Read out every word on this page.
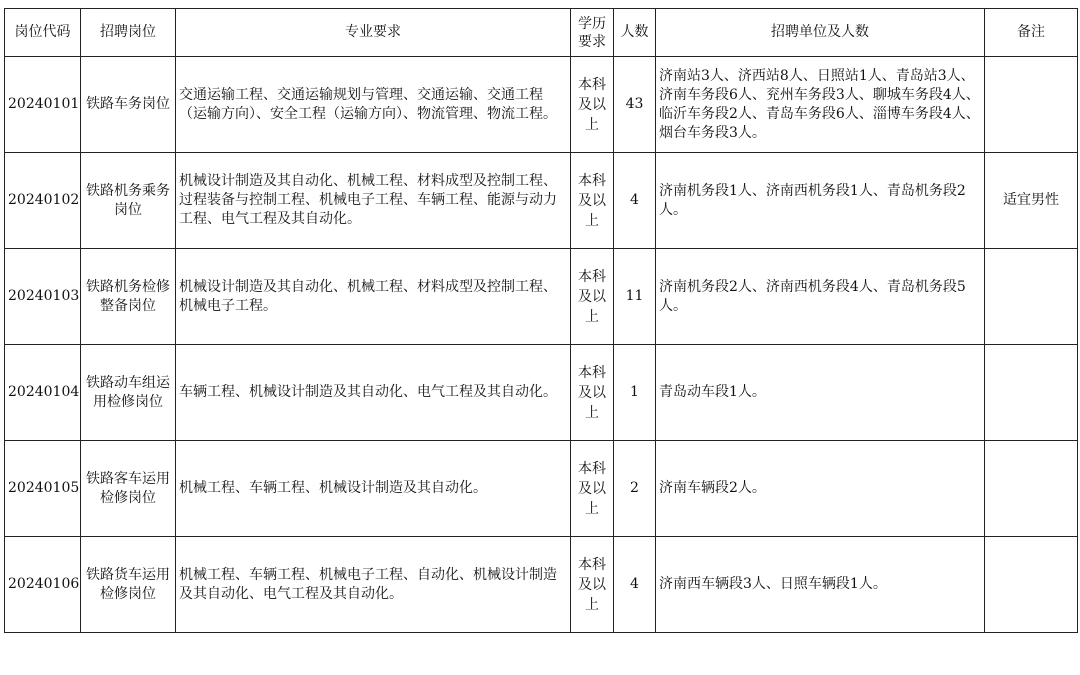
岗位代码	招聘岗位	专业要求	学历要求	人数	招聘单位及人数	备注
20240101	铁路车务岗位	交通运输工程、交通运输规划与管理、交通运输、交通工程（运输方向）、安全工程（运输方向）、物流管理、物流工程。	本科及以上	43	济南站3人、济西站8人、日照站1人、青岛站3人、济南车务段6人、兖州车务段3人、聊城车务段4人、临沂车务段2人、青岛车务段6人、淄博车务段4人、烟台车务段3人。	
20240102	铁路机务乘务岗位	机械设计制造及其自动化、机械工程、材料成型及控制工程、过程装备与控制工程、机械电子工程、车辆工程、能源与动力工程、电气工程及其自动化。	本科及以上	4	济南机务段1人、济南西机务段1人、青岛机务段2人。	适宜男性
20240103	铁路机务检修整备岗位	机械设计制造及其自动化、机械工程、材料成型及控制工程、机械电子工程。	本科及以上	11	济南机务段2人、济南西机务段4人、青岛机务段5人。	
20240104	铁路动车组运用检修岗位	车辆工程、机械设计制造及其自动化、电气工程及其自动化。	本科及以上	1	青岛动车段1人。	
20240105	铁路客车运用检修岗位	机械工程、车辆工程、机械设计制造及其自动化。	本科及以上	2	济南车辆段2人。	
20240106	铁路货车运用检修岗位	机械工程、车辆工程、机械电子工程、自动化、机械设计制造及其自动化、电气工程及其自动化。	本科及以上	4	济南西车辆段3人、日照车辆段1人。	
